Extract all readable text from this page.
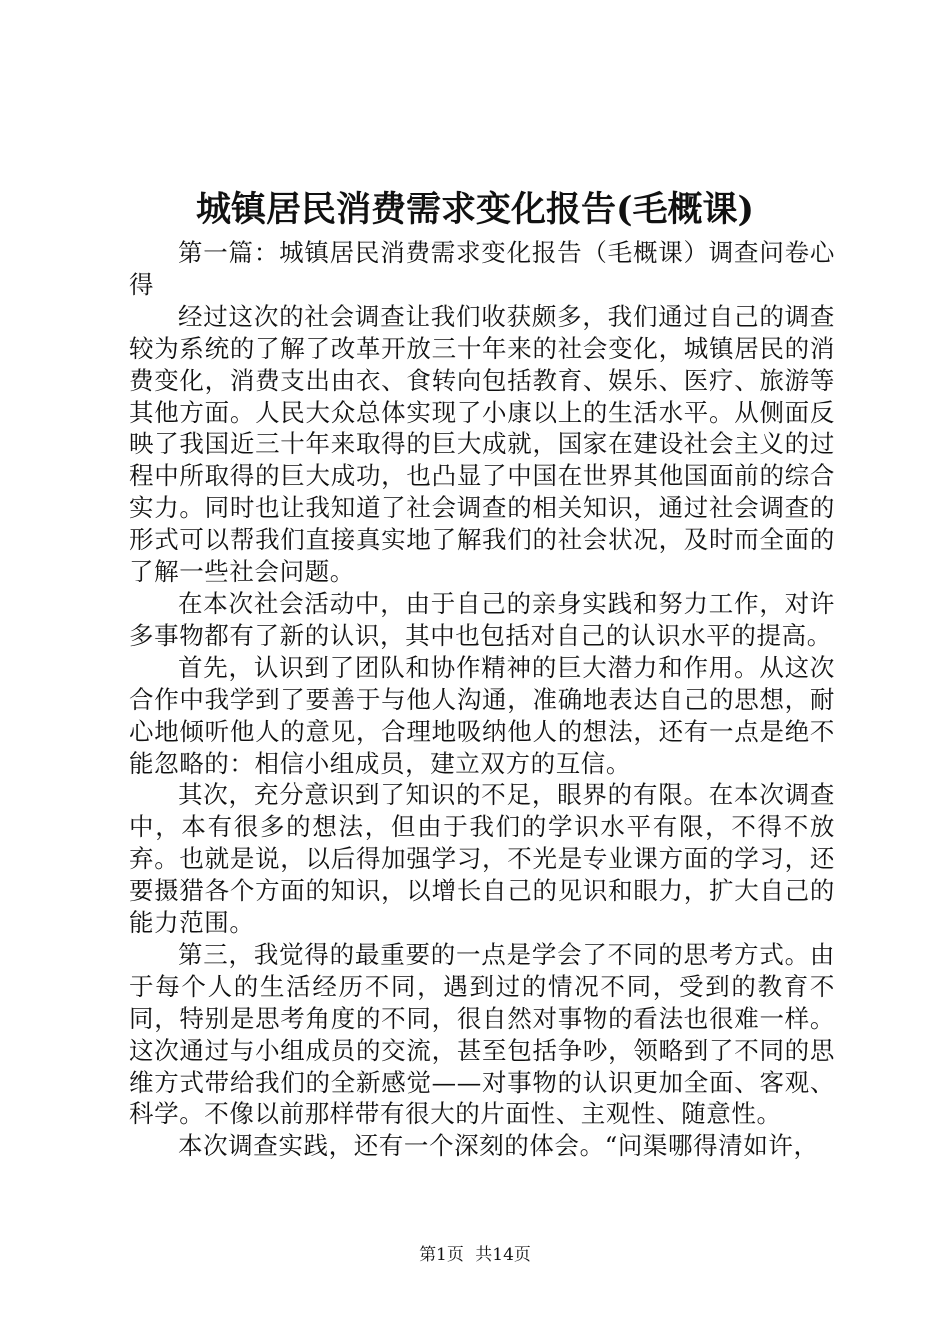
城镇居民消费需求变化报告(毛概课)

第一篇：城镇居民消费需求变化报告（毛概课）调查问卷心得

经过这次的社会调查让我们收获颇多，我们通过自己的调查较为系统的了解了改革开放三十年来的社会变化，城镇居民的消费变化，消费支出由衣、食转向包括教育、娱乐、医疗、旅游等其他方面。人民大众总体实现了小康以上的生活水平。从侧面反映了我国近三十年来取得的巨大成就，国家在建设社会主义的过程中所取得的巨大成功，也凸显了中国在世界其他国面前的综合实力。同时也让我知道了社会调查的相关知识，通过社会调查的形式可以帮我们直接真实地了解我们的社会状况，及时而全面的了解一些社会问题。

在本次社会活动中，由于自己的亲身实践和努力工作，对许多事物都有了新的认识，其中也包括对自己的认识水平的提高。

首先，认识到了团队和协作精神的巨大潜力和作用。从这次合作中我学到了要善于与他人沟通，准确地表达自己的思想，耐心地倾听他人的意见，合理地吸纳他人的想法，还有一点是绝不能忽略的：相信小组成员，建立双方的互信。

其次，充分意识到了知识的不足，眼界的有限。在本次调查中，本有很多的想法，但由于我们的学识水平有限，不得不放弃。也就是说，以后得加强学习，不光是专业课方面的学习，还要摄猎各个方面的知识，以增长自己的见识和眼力，扩大自己的能力范围。

第三，我觉得的最重要的一点是学会了不同的思考方式。由于每个人的生活经历不同，遇到过的情况不同，受到的教育不同，特别是思考角度的不同，很自然对事物的看法也很难一样。这次通过与小组成员的交流，甚至包括争吵，领略到了不同的思维方式带给我们的全新感觉——对事物的认识更加全面、客观、科学。不像以前那样带有很大的片面性、主观性、随意性。

本次调查实践，还有一个深刻的体会。“问渠哪得清如许，

第1页 共14页
